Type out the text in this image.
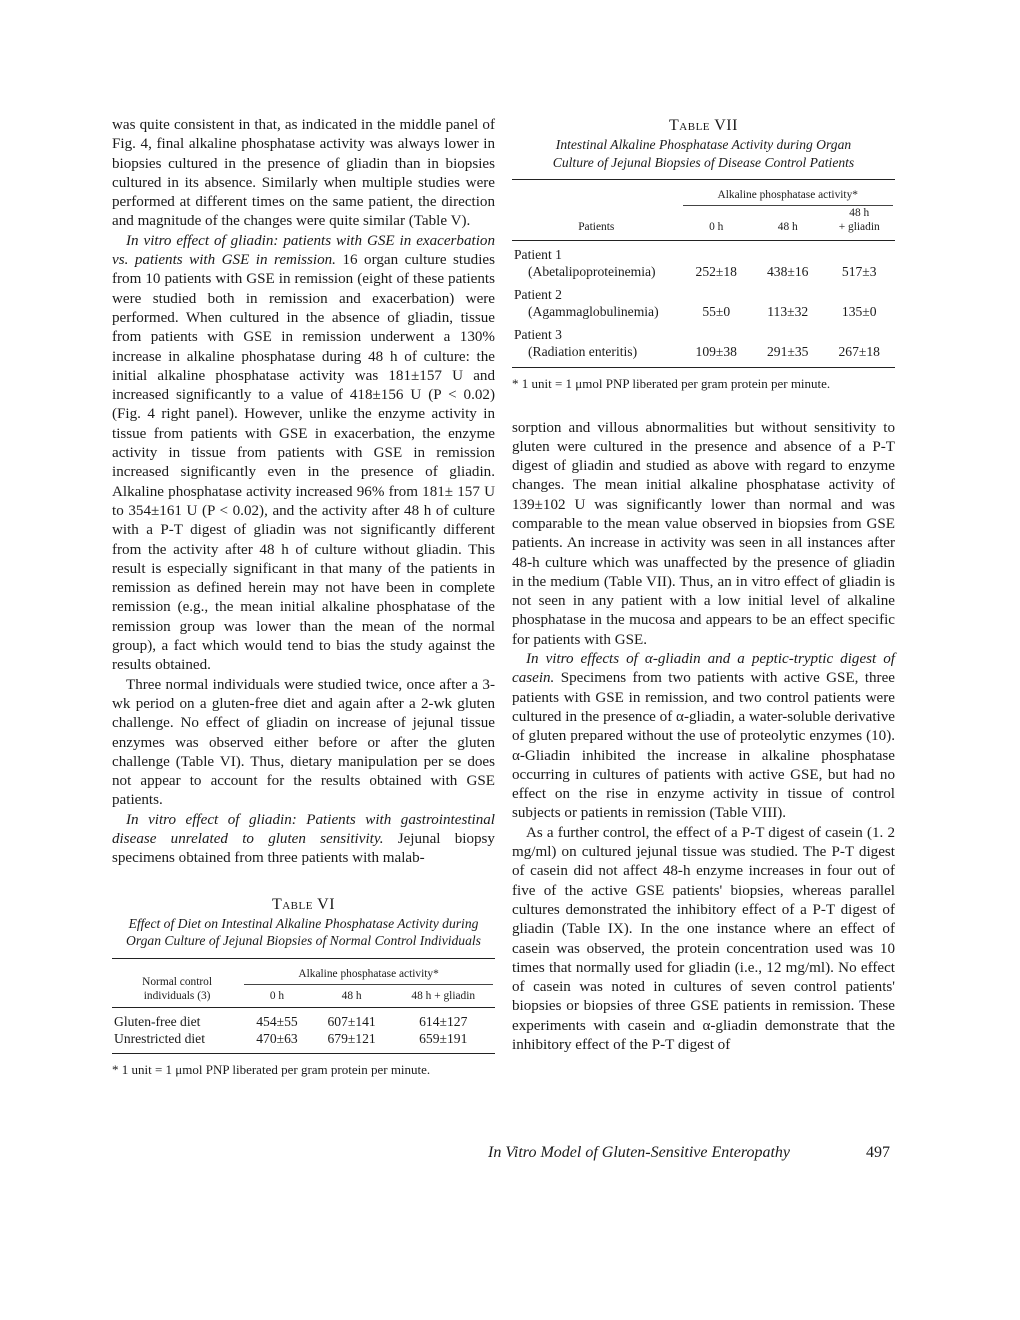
was quite consistent in that, as indicated in the middle panel of Fig. 4, final alkaline phosphatase activity was always lower in biopsies cultured in the presence of gliadin than in biopsies cultured in its absence. Similarly when multiple studies were performed at different times on the same patient, the direction and magnitude of the changes were quite similar (Table V).

In vitro effect of gliadin: patients with GSE in exacerbation vs. patients with GSE in remission. 16 organ culture studies from 10 patients with GSE in remission (eight of these patients were studied both in remission and exacerbation) were performed. When cultured in the absence of gliadin, tissue from patients with GSE in remission underwent a 130% increase in alkaline phosphatase during 48 h of culture: the initial alkaline phosphatase activity was 181±157 U and increased significantly to a value of 418±156 U (P < 0.02) (Fig. 4 right panel). However, unlike the enzyme activity in tissue from patients with GSE in exacerbation, the enzyme activity in tissue from patients with GSE in remission increased significantly even in the presence of gliadin. Alkaline phosphatase activity increased 96% from 181± 157 U to 354±161 U (P < 0.02), and the activity after 48 h of culture with a P-T digest of gliadin was not significantly different from the activity after 48 h of culture without gliadin. This result is especially significant in that many of the patients in remission as defined herein may not have been in complete remission (e.g., the mean initial alkaline phosphatase of the remission group was lower than the mean of the normal group), a fact which would tend to bias the study against the results obtained.

Three normal individuals were studied twice, once after a 3-wk period on a gluten-free diet and again after a 2-wk gluten challenge. No effect of gliadin on increase of jejunal tissue enzymes was observed either before or after the gluten challenge (Table VI). Thus, dietary manipulation per se does not appear to account for the results obtained with GSE patients.

In vitro effect of gliadin: Patients with gastrointestinal disease unrelated to gluten sensitivity. Jejunal biopsy specimens obtained from three patients with malab-

Table VI
Effect of Diet on Intestinal Alkaline Phosphatase Activity during Organ Culture of Jejunal Biopsies of Normal Control Individuals
Normal control
individuals (3)	Alkaline phosphatase activity*		

	0 h	48 h	48 h + gliadin
Gluten-free diet	454±55	607±141	614±127
Unrestricted diet	470±63	679±121	659±191
* 1 unit = 1 μmol PNP liberated per gram protein per minute.
Table VII
Intestinal Alkaline Phosphatase Activity during Organ Culture of Jejunal Biopsies of Disease Control Patients
Patients	Alkaline phosphatase activity*		

	0 h	48 h	48 h
+ gliadin

Patient 1
(Abetalipoproteinemia)	252±18	438±16	517±3

Patient 2
(Agammaglobulinemia)	55±0	113±32	135±0

Patient 3
(Radiation enteritis)	109±38	291±35	267±18
* 1 unit = 1 μmol PNP liberated per gram protein per minute.

sorption and villous abnormalities but without sensitivity to gluten were cultured in the presence and absence of a P-T digest of gliadin and studied as above with regard to enzyme changes. The mean initial alkaline phosphatase activity of 139±102 U was significantly lower than normal and was comparable to the mean value observed in biopsies from GSE patients. An increase in activity was seen in all instances after 48-h culture which was unaffected by the presence of gliadin in the medium (Table VII). Thus, an in vitro effect of gliadin is not seen in any patient with a low initial level of alkaline phosphatase in the mucosa and appears to be an effect specific for patients with GSE.

In vitro effects of α-gliadin and a peptic-tryptic digest of casein. Specimens from two patients with active GSE, three patients with GSE in remission, and two control patients were cultured in the presence of α-gliadin, a water-soluble derivative of gluten prepared without the use of proteolytic enzymes (10). α-Gliadin inhibited the increase in alkaline phosphatase occurring in cultures of patients with active GSE, but had no effect on the rise in enzyme activity in tissue of control subjects or patients in remission (Table VIII).

As a further control, the effect of a P-T digest of casein (1. 2 mg/ml) on cultured jejunal tissue was studied. The P-T digest of casein did not affect 48-h enzyme increases in four out of five of the active GSE patients' biopsies, whereas parallel cultures demonstrated the inhibitory effect of a P-T digest of gliadin (Table IX). In the one instance where an effect of casein was observed, the protein concentration used was 10 times that normally used for gliadin (i.e., 12 mg/ml). No effect of casein was noted in cultures of seven control patients' biopsies or biopsies of three GSE patients in remission. These experiments with casein and α-gliadin demonstrate that the inhibitory effect of the P-T digest of

In Vitro Model of Gluten-Sensitive Enteropathy	497
